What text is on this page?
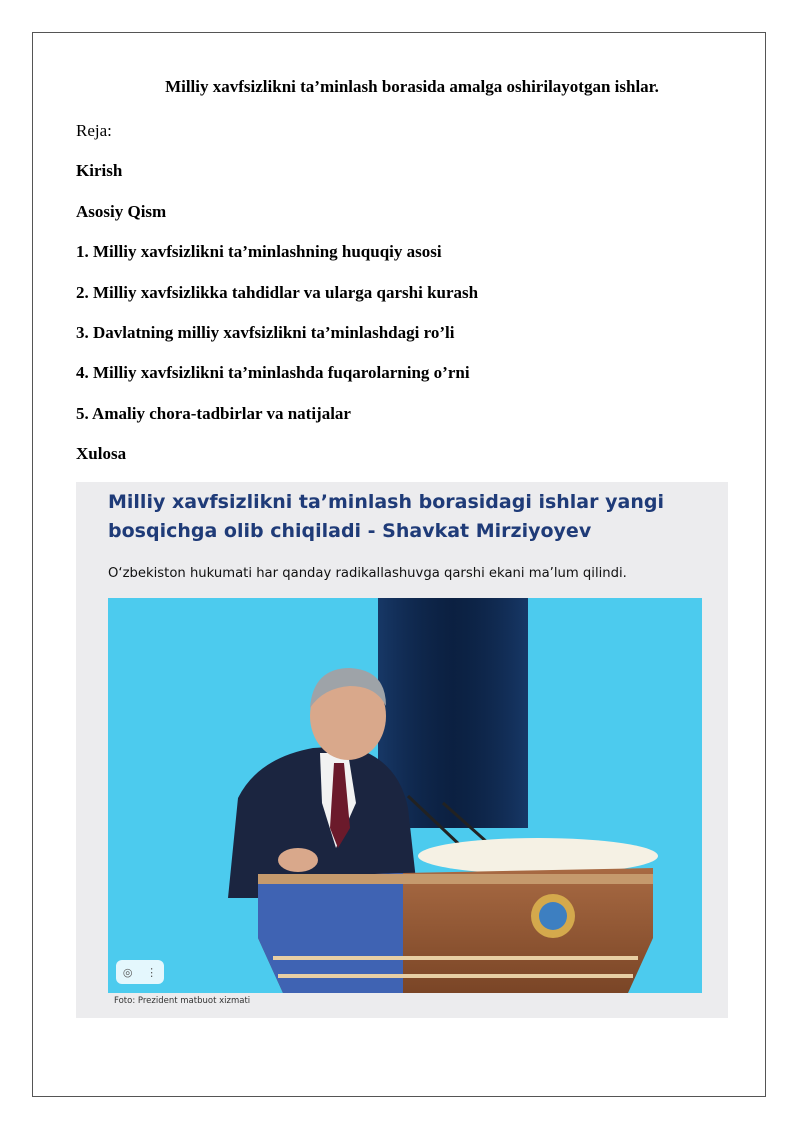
Milliy xavfsizlikni ta’minlash borasida amalga oshirilayotgan ishlar.
Reja:
Kirish
Asosiy Qism
1. Milliy xavfsizlikni ta’minlashning huquqiy asosi
2. Milliy xavfsizlikka tahdidlar va ularga qarshi kurash
3. Davlatning milliy xavfsizlikni ta’minlashdagi ro’li
4. Milliy xavfsizlikni ta’minlashda fuqarolarning o’rni
5. Amaliy chora-tadbirlar va natijalar
Xulosa
Milliy xavfsizlikni ta’minlash borasidagi ishlar yangi bosqichga olib chiqiladi - Shavkat Mirziyoyev
O‘zbekiston hukumati har qanday radikallashuvga qarshi ekani ma’lum qilindi.
◎ ⋮
Foto: Prezident matbuot xizmati
